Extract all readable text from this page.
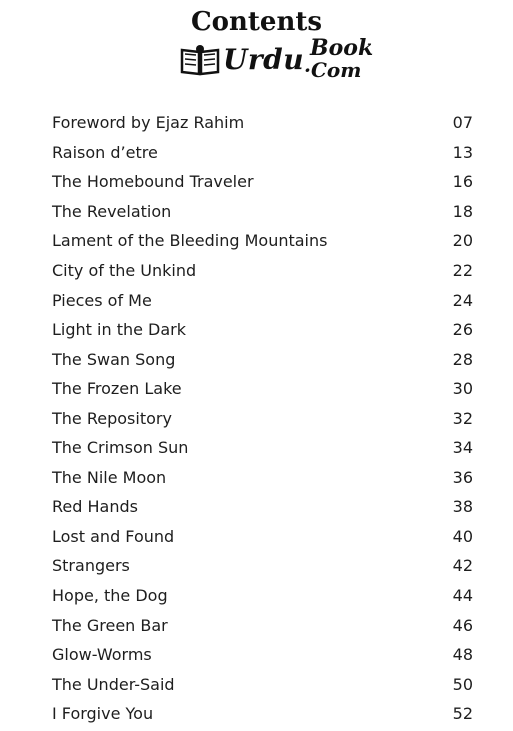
Contents
Urdu Book
·Com
Foreword by Ejaz Rahim	07
Raison d’etre	13
The Homebound Traveler	16
The Revelation	18
Lament of the Bleeding Mountains	20
City of the Unkind	22
Pieces of Me	24
Light in the Dark	26
The Swan Song	28
The Frozen Lake	30
The Repository	32
The Crimson Sun	34
The Nile Moon	36
Red Hands	38
Lost and Found	40
Strangers	42
Hope, the Dog	44
The Green Bar	46
Glow-Worms	48
The Under-Said	50
I Forgive You	52
